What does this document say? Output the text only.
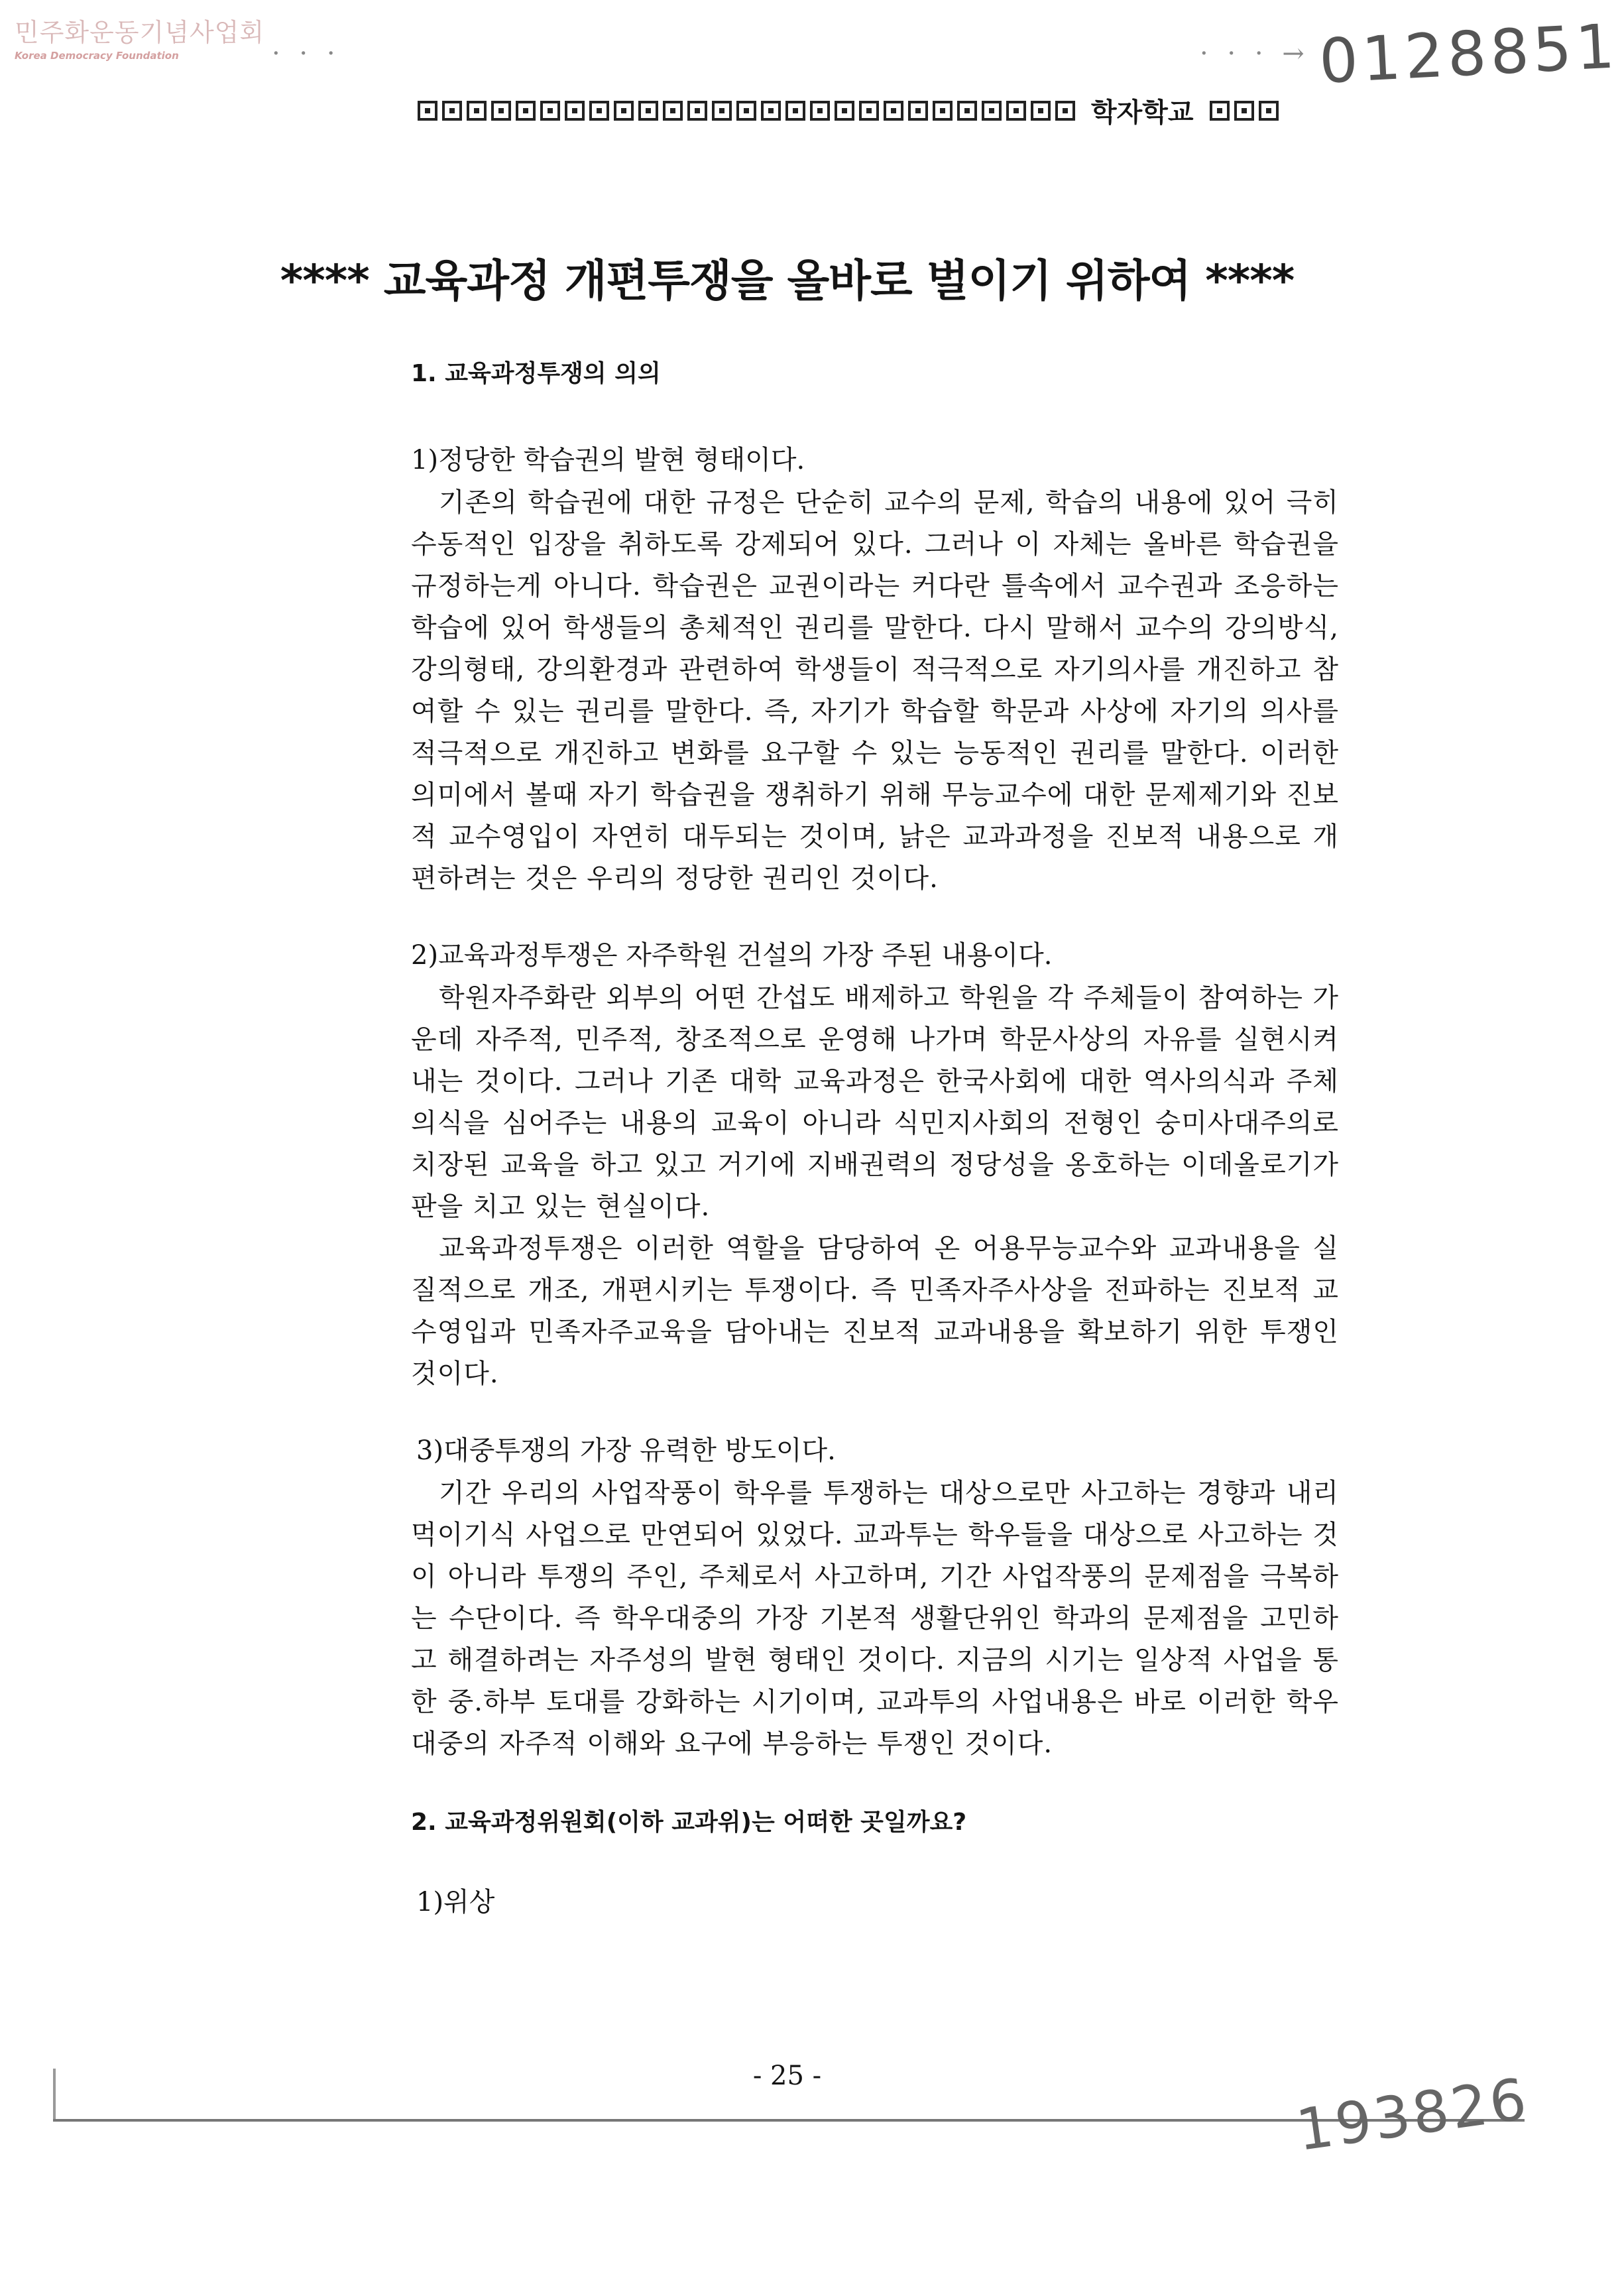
민주화운동기념사업회
Korea Democracy Foundation	· · ·	· · · → 0128851
학자학교
**** 교육과정 개편투쟁을 올바로 벌이기 위하여 ****

1. 교육과정투쟁의 의의

1)정당한 학습권의 발현 형태이다.

기존의 학습권에 대한 규정은 단순히 교수의 문제, 학습의 내용에 있어 극히 수동적인 입장을 취하도록 강제되어 있다. 그러나 이 자체는 올바른 학습권을 규정하는게 아니다. 학습권은 교권이라는 커다란 틀속에서 교수권과 조응하는 학습에 있어 학생들의 총체적인 권리를 말한다. 다시 말해서 교수의 강의방식, 강의형태, 강의환경과 관련하여 학생들이 적극적으로 자기의사를 개진하고 참여할 수 있는 권리를 말한다. 즉, 자기가 학습할 학문과 사상에 자기의 의사를 적극적으로 개진하고 변화를 요구할 수 있는 능동적인 권리를 말한다. 이러한 의미에서 볼때 자기 학습권을 쟁취하기 위해 무능교수에 대한 문제제기와 진보적 교수영입이 자연히 대두되는 것이며, 낡은 교과과정을 진보적 내용으로 개편하려는 것은 우리의 정당한 권리인 것이다.

2)교육과정투쟁은 자주학원 건설의 가장 주된 내용이다.

학원자주화란 외부의 어떤 간섭도 배제하고 학원을 각 주체들이 참여하는 가운데 자주적, 민주적, 창조적으로 운영해 나가며 학문사상의 자유를 실현시켜내는 것이다. 그러나 기존 대학 교육과정은 한국사회에 대한 역사의식과 주체의식을 심어주는 내용의 교육이 아니라 식민지사회의 전형인 숭미사대주의로 치장된 교육을 하고 있고 거기에 지배권력의 정당성을 옹호하는 이데올로기가 판을 치고 있는 현실이다.

교육과정투쟁은 이러한 역할을 담당하여 온 어용무능교수와 교과내용을 실질적으로 개조, 개편시키는 투쟁이다. 즉 민족자주사상을 전파하는 진보적 교수영입과 민족자주교육을 담아내는 진보적 교과내용을 확보하기 위한 투쟁인 것이다.

3)대중투쟁의 가장 유력한 방도이다.

기간 우리의 사업작풍이 학우를 투쟁하는 대상으로만 사고하는 경향과 내리먹이기식 사업으로 만연되어 있었다. 교과투는 학우들을 대상으로 사고하는 것이 아니라 투쟁의 주인, 주체로서 사고하며, 기간 사업작풍의 문제점을 극복하는 수단이다. 즉 학우대중의 가장 기본적 생활단위인 학과의 문제점을 고민하고 해결하려는 자주성의 발현 형태인 것이다. 지금의 시기는 일상적 사업을 통한 중.하부 토대를 강화하는 시기이며, 교과투의 사업내용은 바로 이러한 학우대중의 자주적 이해와 요구에 부응하는 투쟁인 것이다.

2. 교육과정위원회(이하 교과위)는 어떠한 곳일까요?

1)위상

- 25 -	193826
